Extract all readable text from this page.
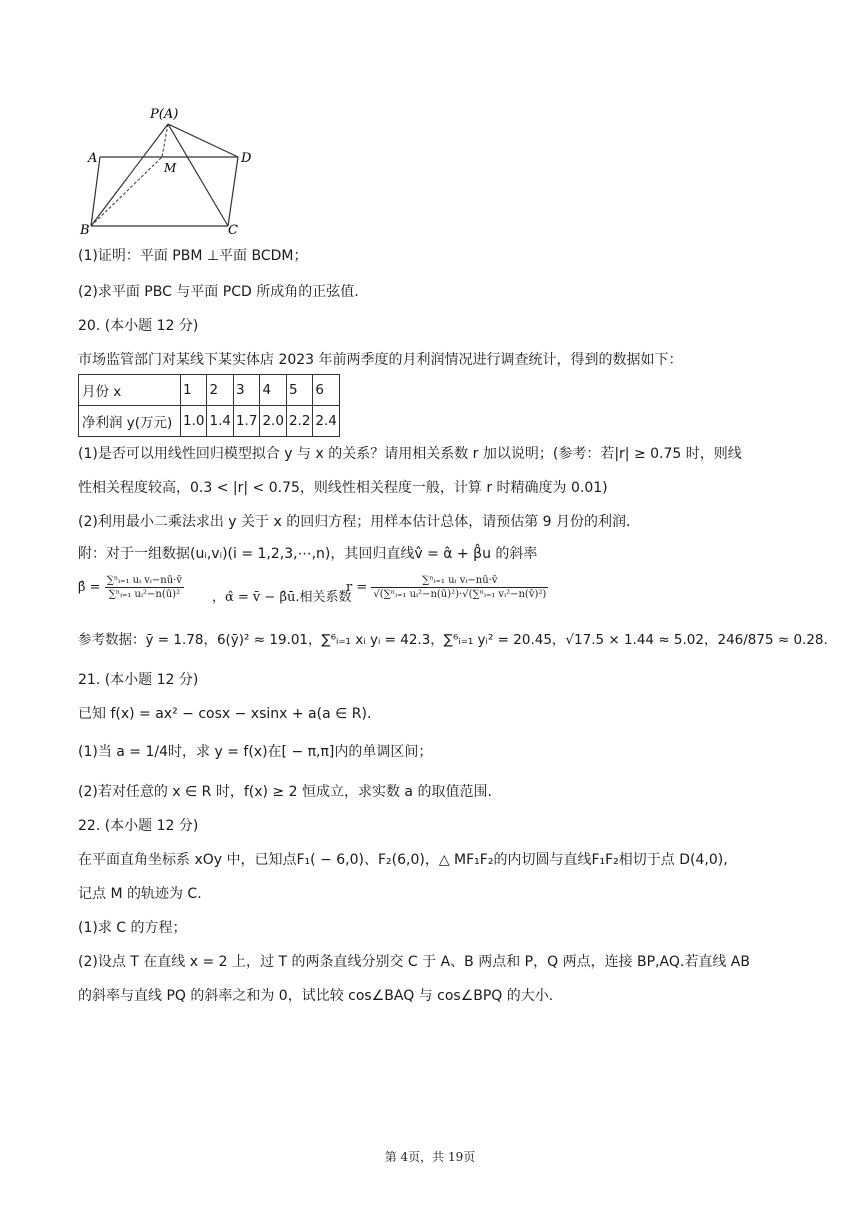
P(A)
A	D
M
B	C
(1)证明：平面 PBM ⊥平面 BCDM；
(2)求平面 PBC 与平面 PCD 所成角的正弦值.
20. (本小题 12 分)
市场监管部门对某线下某实体店 2023 年前两季度的月利润情况进行调查统计，得到的数据如下：
月份 x	1	2	3	4	5	6
净利润 y(万元)	1.0	1.4	1.7	2.0	2.2	2.4
(1)是否可以用线性回归模型拟合 y 与 x 的关系？请用相关系数 r 加以说明；(参考：若|r| ≥ 0.75 时，则线
性相关程度较高，0.3 < |r| < 0.75，则线性相关程度一般，计算 r 时精确度为 0.01)
(2)利用最小二乘法求出 y 关于 x 的回归方程；用样本估计总体，请预估第 9 月份的利润.
附：对于一组数据(uᵢ,vᵢ)(i = 1,2,3,⋯,n)，其回归直线v̂ = α̂ + β̂u 的斜率
β̂ = $\frac{\text{∑ⁿᵢ₌₁ uᵢ vᵢ−nū·v̄}}{\text{∑ⁿᵢ₌₁ uᵢ²−n(ū)²}}$ ，α̂ = v̄ − β̂ū.相关系数
$r = \frac{\text{∑ⁿᵢ₌₁ uᵢ vᵢ−nū·v̄}}{\text{√(∑ⁿᵢ₌₁ uᵢ²−n(ū)²)·√(∑ⁿᵢ₌₁ vᵢ²−n(v̄)²)}}$
参考数据：ȳ = 1.78，6(ȳ)² ≈ 19.01，∑⁶ᵢ₌₁ xᵢ yᵢ = 42.3，∑⁶ᵢ₌₁ yᵢ² = 20.45，√17.5 × 1.44 ≈ 5.02，246/875 ≈ 0.28.
21. (本小题 12 分)
已知 f(x) = ax² − cosx − xsinx + a(a ∈ R).
(1)当 a = 1/4时，求 y = f(x)在[ − π,π]内的单调区间；
(2)若对任意的 x ∈ R 时，f(x) ≥ 2 恒成立，求实数 a 的取值范围.
22. (本小题 12 分)
在平面直角坐标系 xOy 中，已知点F₁( − 6,0)、F₂(6,0)，△ MF₁F₂的内切圆与直线F₁F₂相切于点 D(4,0),
记点 M 的轨迹为 C.
(1)求 C 的方程；
(2)设点 T 在直线 x = 2 上，过 T 的两条直线分别交 C 于 A、B 两点和 P，Q 两点，连接 BP,AQ.若直线 AB
的斜率与直线 PQ 的斜率之和为 0，试比较 cos∠BAQ 与 cos∠BPQ 的大小.
第 4页，共 19页
